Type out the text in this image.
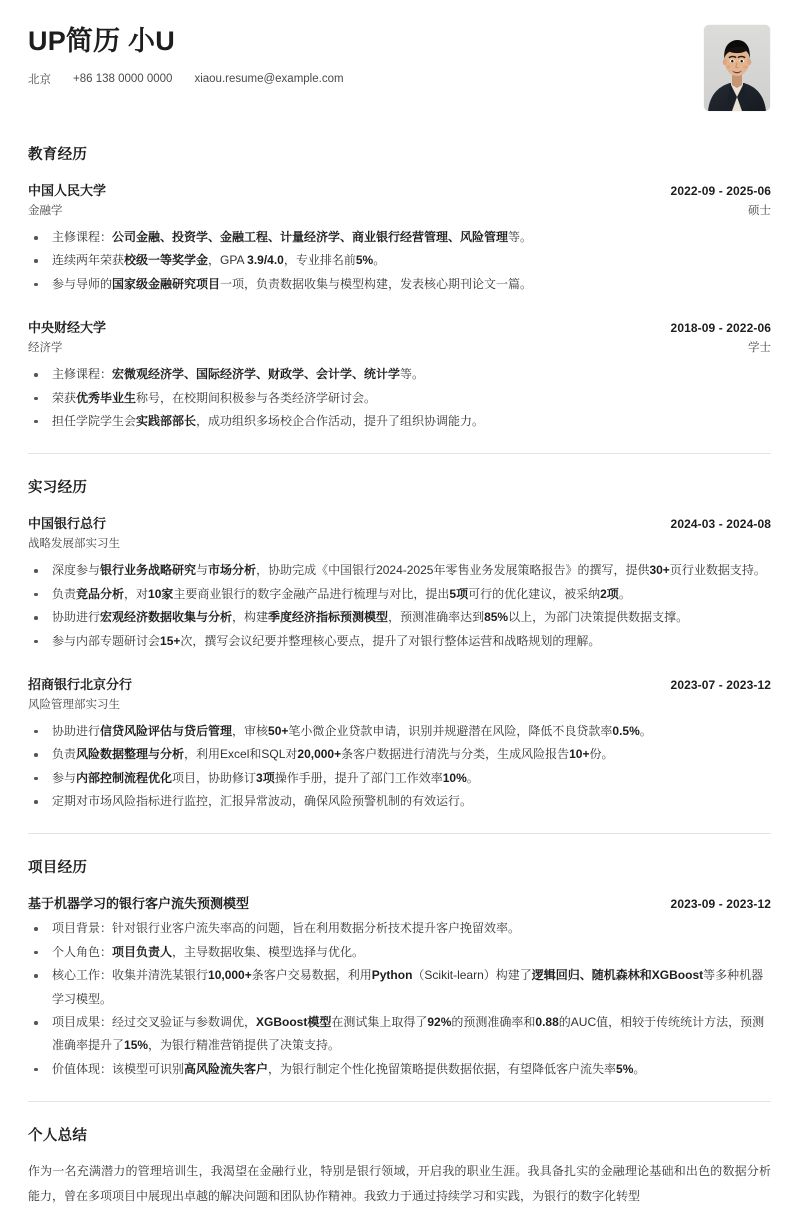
UP简历 小U
北京 +86 138 0000 0000 xiaou.resume@example.com
教育经历
中国人民大学	2022-09 - 2025-06
金融学	硕士
主修课程：公司金融、投资学、金融工程、计量经济学、商业银行经营管理、风险管理等。
连续两年荣获校级一等奖学金，GPA 3.9/4.0，专业排名前5%。
参与导师的国家级金融研究项目一项，负责数据收集与模型构建，发表核心期刊论文一篇。
中央财经大学	2018-09 - 2022-06
经济学	学士
主修课程：宏微观经济学、国际经济学、财政学、会计学、统计学等。
荣获优秀毕业生称号，在校期间积极参与各类经济学研讨会。
担任学院学生会实践部部长，成功组织多场校企合作活动，提升了组织协调能力。
实习经历
中国银行总行	2024-03 - 2024-08
战略发展部实习生
深度参与银行业务战略研究与市场分析，协助完成《中国银行2024-2025年零售业务发展策略报告》的撰写，提供30+页行业数据支持。
负责竞品分析，对10家主要商业银行的数字金融产品进行梳理与对比，提出5项可行的优化建议，被采纳2项。
协助进行宏观经济数据收集与分析，构建季度经济指标预测模型，预测准确率达到85%以上，为部门决策提供数据支撑。
参与内部专题研讨会15+次，撰写会议纪要并整理核心要点，提升了对银行整体运营和战略规划的理解。
招商银行北京分行	2023-07 - 2023-12
风险管理部实习生
协助进行信贷风险评估与贷后管理，审核50+笔小微企业贷款申请，识别并规避潜在风险，降低不良贷款率0.5%。
负责风险数据整理与分析，利用Excel和SQL对20,000+条客户数据进行清洗与分类，生成风险报告10+份。
参与内部控制流程优化项目，协助修订3项操作手册，提升了部门工作效率10%。
定期对市场风险指标进行监控，汇报异常波动，确保风险预警机制的有效运行。
项目经历
基于机器学习的银行客户流失预测模型	2023-09 - 2023-12
项目背景：针对银行业客户流失率高的问题，旨在利用数据分析技术提升客户挽留效率。
个人角色：项目负责人，主导数据收集、模型选择与优化。
核心工作：收集并清洗某银行10,000+条客户交易数据，利用Python（Scikit-learn）构建了逻辑回归、随机森林和XGBoost等多种机器学习模型。
项目成果：经过交叉验证与参数调优，XGBoost模型在测试集上取得了92%的预测准确率和0.88的AUC值，相较于传统统计方法，预测准确率提升了15%，为银行精准营销提供了决策支持。
价值体现：该模型可识别高风险流失客户，为银行制定个性化挽留策略提供数据依据，有望降低客户流失率5%。
个人总结
作为一名充满潜力的管理培训生，我渴望在金融行业，特别是银行领域，开启我的职业生涯。我具备扎实的金融理论基础和出色的数据分析能力，曾在多项项目中展现出卓越的解决问题和团队协作精神。我致力于通过持续学习和实践，为银行的数字化转型
